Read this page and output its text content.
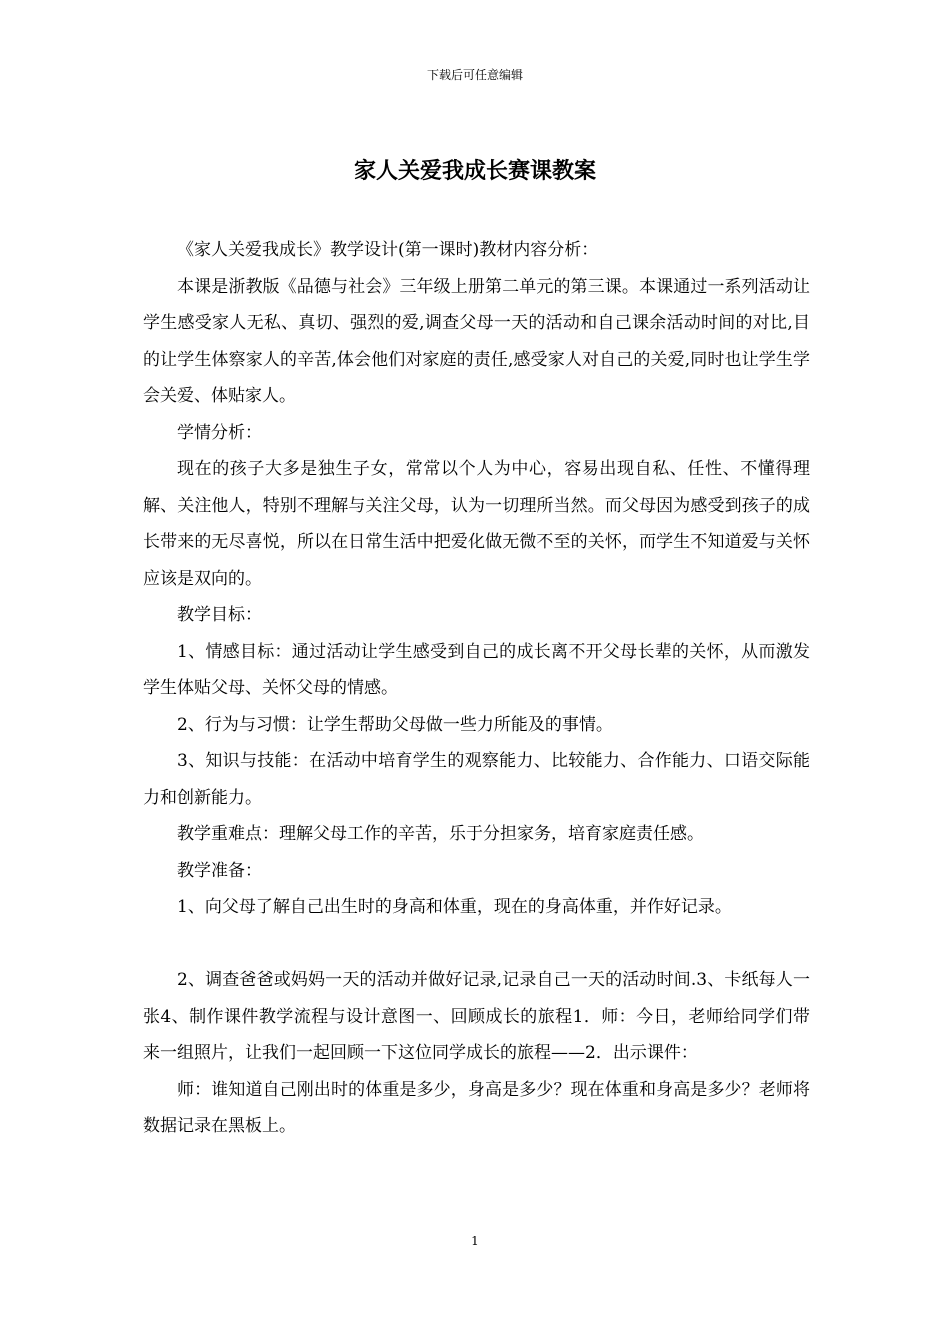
下载后可任意编辑
家人关爱我成长赛课教案

《家人关爱我成长》教学设计(第一课时)教材内容分析：

本课是浙教版《品德与社会》三年级上册第二单元的第三课。本课通过一系列活动让学生感受家人无私、真切、强烈的爱,调查父母一天的活动和自己课余活动时间的对比,目的让学生体察家人的辛苦,体会他们对家庭的责任,感受家人对自己的关爱,同时也让学生学会关爱、体贴家人。

学情分析：

现在的孩子大多是独生子女，常常以个人为中心，容易出现自私、任性、不懂得理解、关注他人，特别不理解与关注父母，认为一切理所当然。而父母因为感受到孩子的成长带来的无尽喜悦，所以在日常生活中把爱化做无微不至的关怀，而学生不知道爱与关怀应该是双向的。

教学目标：

1、情感目标：通过活动让学生感受到自己的成长离不开父母长辈的关怀，从而激发学生体贴父母、关怀父母的情感。

2、行为与习惯：让学生帮助父母做一些力所能及的事情。

3、知识与技能：在活动中培育学生的观察能力、比较能力、合作能力、口语交际能力和创新能力。

教学重难点：理解父母工作的辛苦，乐于分担家务，培育家庭责任感。

教学准备：

1、向父母了解自己出生时的身高和体重，现在的身高体重，并作好记录。

2、调查爸爸或妈妈一天的活动并做好记录,记录自己一天的活动时间.3、卡纸每人一张4、制作课件教学流程与设计意图一、回顾成长的旅程1．师：今日，老师给同学们带来一组照片，让我们一起回顾一下这位同学成长的旅程——2．出示课件：

师：谁知道自己刚出时的体重是多少，身高是多少？现在体重和身高是多少？老师将数据记录在黑板上。

1
